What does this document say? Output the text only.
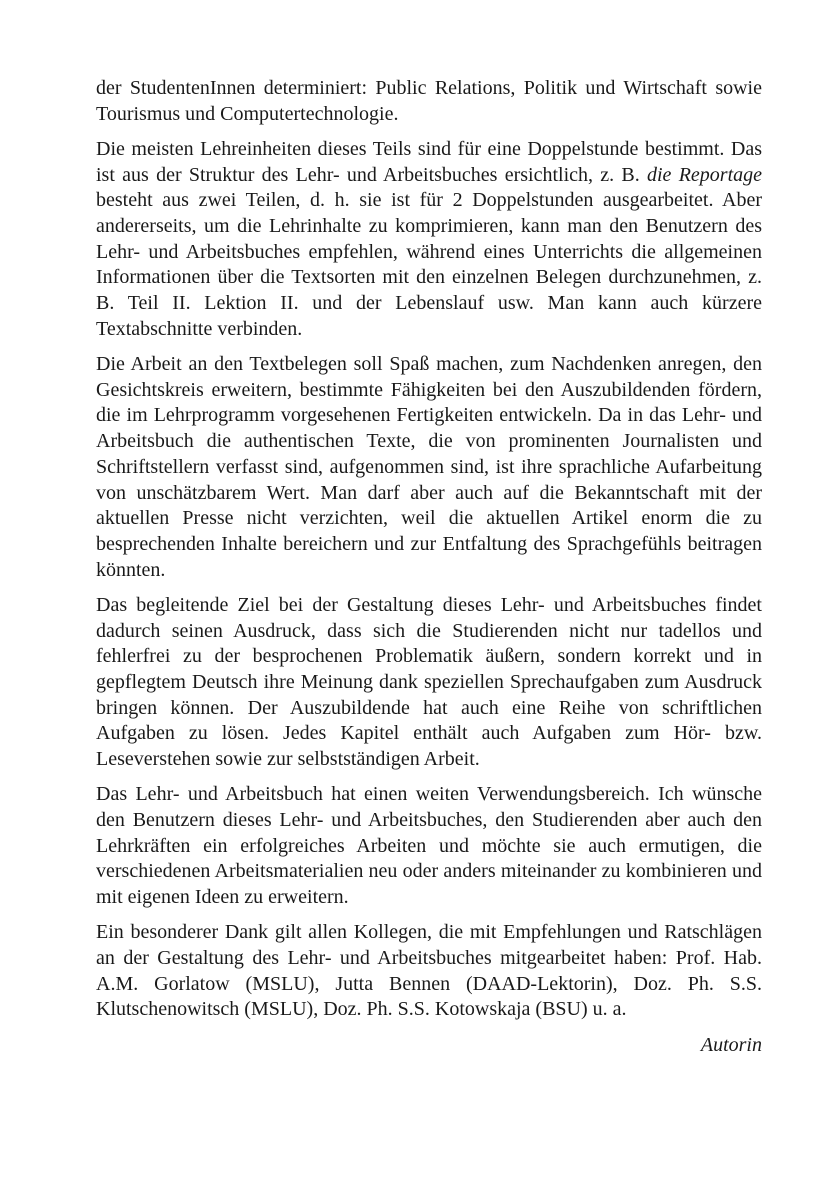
der StudentenInnen determiniert: Public Relations, Politik und Wirtschaft sowie Tourismus und Computertechnologie.

Die meisten Lehreinheiten dieses Teils sind für eine Doppelstunde bestimmt. Das ist aus der Struktur des Lehr- und Arbeitsbuches ersichtlich, z. B. die Reportage besteht aus zwei Teilen, d. h. sie ist für 2 Doppelstunden ausgearbeitet. Aber andererseits, um die Lehrinhalte zu komprimieren, kann man den Benutzern des Lehr- und Arbeitsbuches empfehlen, während eines Unterrichts die allgemeinen Informationen über die Textsorten mit den einzelnen Belegen durchzunehmen, z. B. Teil II. Lektion II. und der Lebenslauf usw. Man kann auch kürzere Textabschnitte verbinden.

Die Arbeit an den Textbelegen soll Spaß machen, zum Nachdenken anregen, den Gesichtskreis erweitern, bestimmte Fähigkeiten bei den Auszubildenden fördern, die im Lehrprogramm vorgesehenen Fertigkeiten entwickeln. Da in das Lehr- und Arbeitsbuch die authentischen Texte, die von prominenten Journalisten und Schriftstellern verfasst sind, aufgenommen sind, ist ihre sprachliche Aufarbeitung von unschätzbarem Wert. Man darf aber auch auf die Bekanntschaft mit der aktuellen Presse nicht verzichten, weil die aktuellen Artikel enorm die zu besprechenden Inhalte bereichern und zur Entfaltung des Sprachgefühls beitragen könnten.

Das begleitende Ziel bei der Gestaltung dieses Lehr- und Arbeitsbuches findet dadurch seinen Ausdruck, dass sich die Studierenden nicht nur tadellos und fehlerfrei zu der besprochenen Problematik äußern, sondern korrekt und in gepflegtem Deutsch ihre Meinung dank speziellen Sprechaufgaben zum Ausdruck bringen können. Der Auszubildende hat auch eine Reihe von schriftlichen Aufgaben zu lösen. Jedes Kapitel enthält auch Aufgaben zum Hör- bzw. Leseverstehen sowie zur selbstständigen Arbeit.

Das Lehr- und Arbeitsbuch hat einen weiten Verwendungsbereich. Ich wünsche den Benutzern dieses Lehr- und Arbeitsbuches, den Studierenden aber auch den Lehrkräften ein erfolgreiches Arbeiten und möchte sie auch ermutigen, die verschiedenen Arbeitsmaterialien neu oder anders miteinander zu kombinieren und mit eigenen Ideen zu erweitern.

Ein besonderer Dank gilt allen Kollegen, die mit Empfehlungen und Ratschlägen an der Gestaltung des Lehr- und Arbeitsbuches mitgearbeitet haben: Prof. Hab. A.M. Gorlatow (MSLU), Jutta Bennen (DAAD-Lektorin), Doz. Ph. S.S. Klutschenowitsch (MSLU), Doz. Ph. S.S. Kotowskaja (BSU) u. a.

Autorin
